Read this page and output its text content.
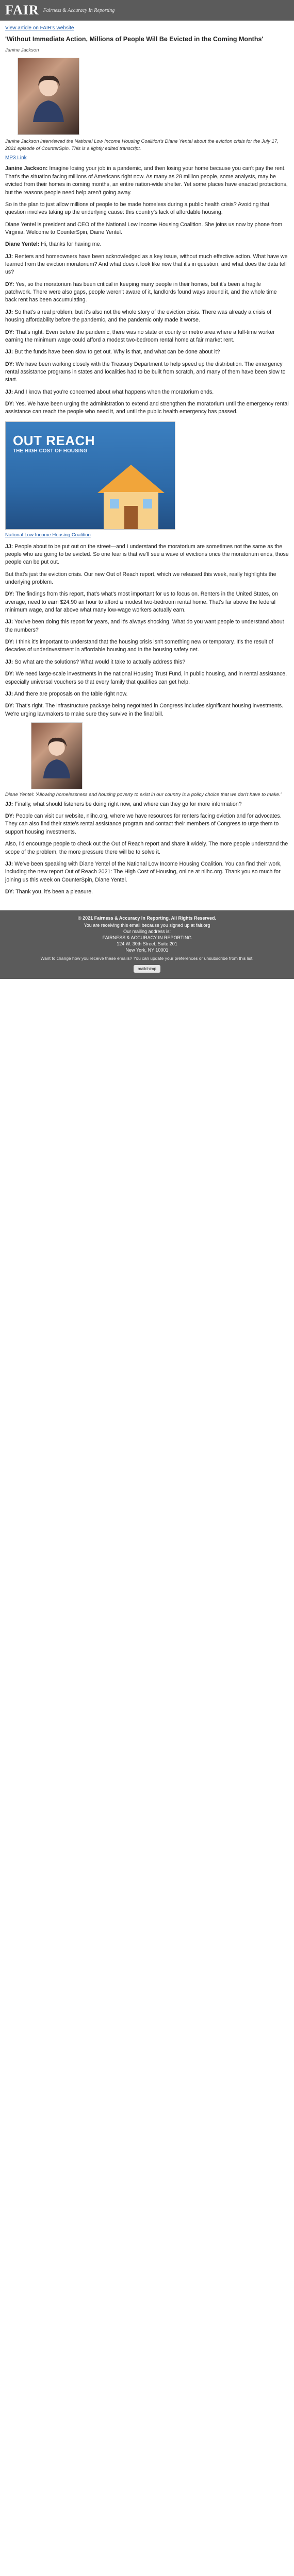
FAIR Fairness & Accuracy In Reporting
View article on FAIR's website
'Without Immediate Action, Millions of People Will Be Evicted in the Coming Months'
Janine Jackson
Janine Jackson interviewed the National Low Income Housing Coalition's Diane Yentel about the eviction crisis for the July 17, 2021 episode of CounterSpin. This is a lightly edited transcript.
MP3 Link

Janine Jackson: Imagine losing your job in a pandemic, and then losing your home because you can't pay the rent. That's the situation facing millions of Americans right now. As many as 28 million people, some analysts, may be evicted from their homes in coming months, an entire nation-wide shelter. Yet some places have enacted protections, but the reasons people need help aren't going away.

So in the plan to just allow millions of people to be made homeless during a public health crisis? Avoiding that question involves taking up the underlying cause: this country's lack of affordable housing.

Diane Yentel is president and CEO of the National Low Income Housing Coalition. She joins us now by phone from Virginia. Welcome to CounterSpin, Diane Yentel.

Diane Yentel: Hi, thanks for having me.

JJ: Renters and homeowners have been acknowledged as a key issue, without much effective action. What have we learned from the eviction moratorium? And what does it look like now that it's in question, and what does the data tell us?

DY: Yes, so the moratorium has been critical in keeping many people in their homes, but it's been a fragile patchwork. There were also gaps, people weren't aware of it, landlords found ways around it, and the whole time back rent has been accumulating.

JJ: So that's a real problem, but it's also not the whole story of the eviction crisis. There was already a crisis of housing affordability before the pandemic, and the pandemic only made it worse.

DY: That's right. Even before the pandemic, there was no state or county or metro area where a full-time worker earning the minimum wage could afford a modest two-bedroom rental home at fair market rent.

JJ: But the funds have been slow to get out. Why is that, and what can be done about it?

DY: We have been working closely with the Treasury Department to help speed up the distribution. The emergency rental assistance programs in states and localities had to be built from scratch, and many of them have been slow to start.

JJ: And I know that you're concerned about what happens when the moratorium ends.

DY: Yes. We have been urging the administration to extend and strengthen the moratorium until the emergency rental assistance can reach the people who need it, and until the public health emergency has passed.

OUT REACH
THE HIGH COST OF HOUSING
National Low Income Housing Coalition

JJ: People about to be put out on the street—and I understand the moratorium are sometimes not the same as the people who are going to be evicted. So one fear is that we'll see a wave of evictions once the moratorium ends, those people can be put out.

But that's just the eviction crisis. Our new Out of Reach report, which we released this week, really highlights the underlying problem.

DY: The findings from this report, that's what's most important for us to focus on. Renters in the United States, on average, need to earn $24.90 an hour to afford a modest two-bedroom rental home. That's far above the federal minimum wage, and far above what many low-wage workers actually earn.

JJ: You've been doing this report for years, and it's always shocking. What do you want people to understand about the numbers?

DY: I think it's important to understand that the housing crisis isn't something new or temporary. It's the result of decades of underinvestment in affordable housing and in the housing safety net.

JJ: So what are the solutions? What would it take to actually address this?

DY: We need large-scale investments in the national Housing Trust Fund, in public housing, and in rental assistance, especially universal vouchers so that every family that qualifies can get help.

JJ: And there are proposals on the table right now.

DY: That's right. The infrastructure package being negotiated in Congress includes significant housing investments. We're urging lawmakers to make sure they survive in the final bill.

Diane Yentel: 'Allowing homelessness and housing poverty to exist in our country is a policy choice that we don't have to make.'

JJ: Finally, what should listeners be doing right now, and where can they go for more information?

DY: People can visit our website, nlihc.org, where we have resources for renters facing eviction and for advocates. They can also find their state's rental assistance program and contact their members of Congress to urge them to support housing investments.

Also, I'd encourage people to check out the Out of Reach report and share it widely. The more people understand the scope of the problem, the more pressure there will be to solve it.

JJ: We've been speaking with Diane Yentel of the National Low Income Housing Coalition. You can find their work, including the new report Out of Reach 2021: The High Cost of Housing, online at nlihc.org. Thank you so much for joining us this week on CounterSpin, Diane Yentel.

DY: Thank you, it's been a pleasure.

© 2021 Fairness & Accuracy In Reporting. All Rights Reserved.
You are receiving this email because you signed up at fair.org
Our mailing address is:
FAIRNESS & ACCURACY IN REPORTING
124 W. 30th Street, Suite 201
New York, NY 10001
Want to change how you receive these emails? You can update your preferences or unsubscribe from this list.
mailchimp
